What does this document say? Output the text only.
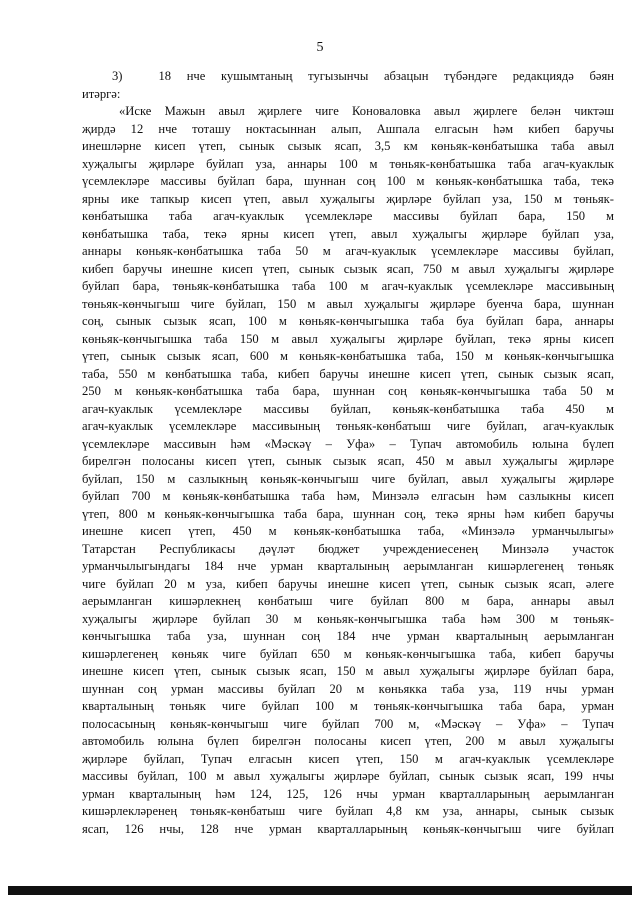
5
3)	18 нче кушымтаның тугызынчы абзацын түбәндәге редакциядә бәян
итәргә:
«Иске Мажын авыл җирлеге чиге Коноваловка авыл җирлеге белән чиктәш
җирдә 12 нче тоташу ноктасыннан алып, Ашпала елгасын һәм кибеп баручы
инешләрне кисеп үтеп, сынык сызык ясап, 3,5 км көньяк-көнбатышка таба авыл
хуҗалыгы җирләре буйлап уза, аннары 100 м төньяк-көнбатышка таба агач-куаклык
үсемлекләре массивы буйлап бара, шуннан соң 100 м көньяк-көнбатышка таба, текә
ярны ике тапкыр кисеп үтеп, авыл хуҗалыгы җирләре буйлап уза, 150 м төньяк-
көнбатышка таба агач-куаклык үсемлекләре массивы буйлап бара, 150 м
көнбатышка таба, текә ярны кисеп үтеп, авыл хуҗалыгы җирләре буйлап уза,
аннары көньяк-көнбатышка таба 50 м агач-куаклык үсемлекләре массивы буйлап,
кибеп баручы инешне кисеп үтеп, сынык сызык ясап, 750 м авыл хуҗалыгы җирләре
буйлап бара, төньяк-көнбатышка таба 100 м агач-куаклык үсемлекләре массивының
төньяк-көнчыгыш чиге буйлап, 150 м авыл хуҗалыгы җирләре буенча бара, шуннан
соң, сынык сызык ясап, 100 м көньяк-көнчыгышка таба буа буйлап бара, аннары
көньяк-көнчыгышка таба 150 м авыл хуҗалыгы җирләре буйлап, текә ярны кисеп
үтеп, сынык сызык ясап, 600 м көньяк-көнбатышка таба, 150 м көньяк-көнчыгышка
таба, 550 м көнбатышка таба, кибеп баручы инешне кисеп үтеп, сынык сызык ясап,
250 м көньяк-көнбатышка таба бара, шуннан соң көньяк-көнчыгышка таба 50 м
агач-куаклык үсемлекләре массивы буйлап, көньяк-көнбатышка таба 450 м
агач-куаклык үсемлекләре массивының төньяк-көнбатыш чиге буйлап, агач-куаклык
үсемлекләре массивын һәм «Мәскәү – Уфа» – Тупач автомобиль юлына бүлеп
бирелгән полосаны кисеп үтеп, сынык сызык ясап, 450 м авыл хуҗалыгы җирләре
буйлап, 150 м сазлыкның көньяк-көнчыгыш чиге буйлап, авыл хуҗалыгы җирләре
буйлап 700 м көньяк-көнбатышка таба һәм, Минзәлә елгасын һәм сазлыкны кисеп
үтеп, 800 м көньяк-көнчыгышка таба бара, шуннан соң, текә ярны һәм кибеп баручы
инешне кисеп үтеп, 450 м көньяк-көнбатышка таба, «Минзәлә урманчылыгы»
Татарстан Республикасы дәүләт бюджет учреждениесенең Минзәлә участок
урманчылыгындагы 184 нче урман кварталының аерымланган кишәрлегенең төньяк
чиге буйлап 20 м уза, кибеп баручы инешне кисеп үтеп, сынык сызык ясап, әлеге
аерымланган кишәрлекнең көнбатыш чиге буйлап 800 м бара, аннары авыл
хуҗалыгы җирләре буйлап 30 м көньяк-көнчыгышка таба һәм 300 м төньяк-
көнчыгышка таба уза, шуннан соң 184 нче урман кварталының аерымланган
кишәрлегенең көньяк чиге буйлап 650 м көньяк-көнчыгышка таба, кибеп баручы
инешне кисеп үтеп, сынык сызык ясап, 150 м авыл хуҗалыгы җирләре буйлап бара,
шуннан соң урман массивы буйлап 20 м көньякка таба уза, 119 нчы урман
кварталының төньяк чиге буйлап 100 м төньяк-көнчыгышка таба бара, урман
полосасының көньяк-көнчыгыш чиге буйлап 700 м, «Мәскәү – Уфа» – Тупач
автомобиль юлына бүлеп бирелгән полосаны кисеп үтеп, 200 м авыл хуҗалыгы
җирләре буйлап, Тупач елгасын кисеп үтеп, 150 м агач-куаклык үсемлекләре
массивы буйлап, 100 м авыл хуҗалыгы җирләре буйлап, сынык сызык ясап, 199 нчы
урман кварталының һәм 124, 125, 126 нчы урман кварталларының аерымланган
кишәрлекләренең төньяк-көнбатыш чиге буйлап 4,8 км уза, аннары, сынык сызык
ясап, 126 нчы, 128 нче урман кварталларының көньяк-көнчыгыш чиге буйлап
